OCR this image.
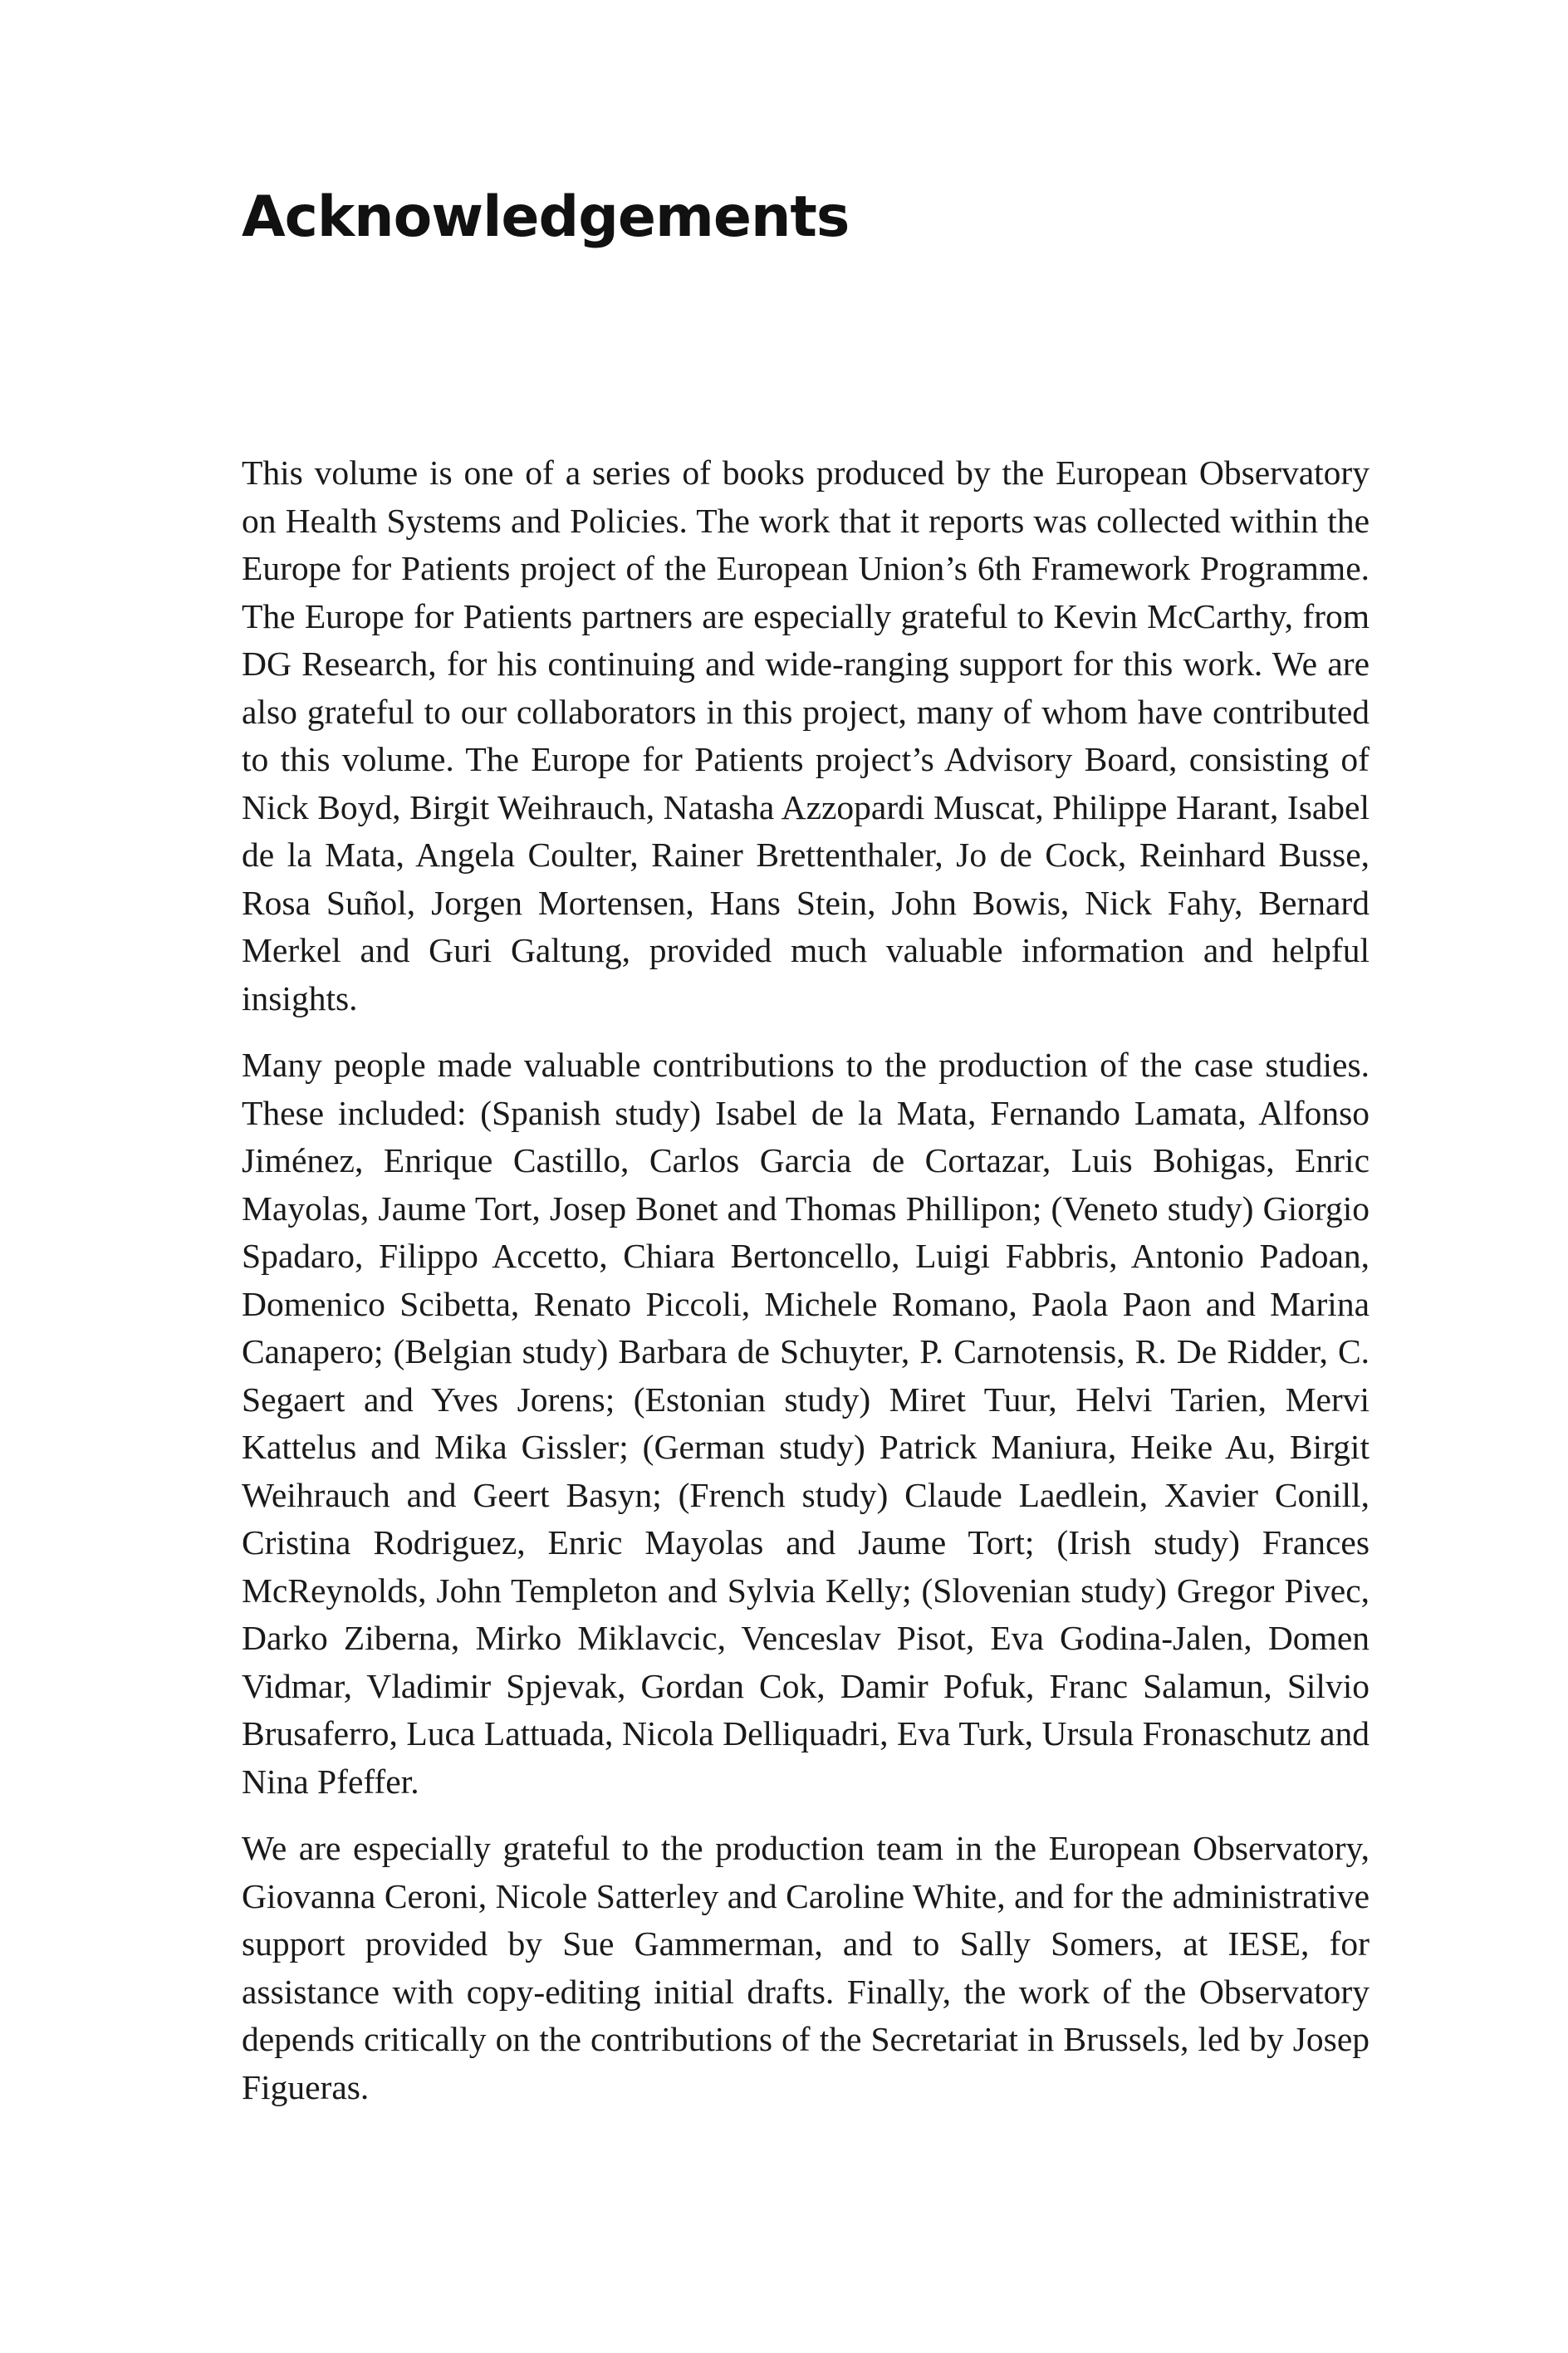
Acknowledgements

This volume is one of a series of books produced by the European Observatory on Health Systems and Policies. The work that it reports was collected within the Europe for Patients project of the European Union’s 6th Framework Programme. The Europe for Patients partners are especially grateful to Kevin McCarthy, from DG Research, for his continuing and wide-ranging support for this work. We are also grateful to our collaborators in this project, many of whom have contributed to this volume. The Europe for Patients project’s Advisory Board, consisting of Nick Boyd, Birgit Weihrauch, Natasha Azzopardi Muscat, Philippe Harant, Isabel de la Mata, Angela Coulter, Rainer Brettenthaler, Jo de Cock, Reinhard Busse, Rosa Suñol, Jorgen Mortensen, Hans Stein, John Bowis, Nick Fahy, Bernard Merkel and Guri Galtung, provided much valuable information and helpful insights.

Many people made valuable contributions to the production of the case studies. These included: (Spanish study) Isabel de la Mata, Fernando Lamata, Alfonso Jiménez, Enrique Castillo, Carlos Garcia de Cortazar, Luis Bohigas, Enric Mayolas, Jaume Tort, Josep Bonet and Thomas Phillipon; (Veneto study) Giorgio Spadaro, Filippo Accetto, Chiara Bertoncello, Luigi Fabbris, Antonio Padoan, Domenico Scibetta, Renato Piccoli, Michele Romano, Paola Paon and Marina Canapero; (Belgian study) Barbara de Schuyter, P. Carnotensis, R. De Ridder, C. Segaert and Yves Jorens; (Estonian study) Miret Tuur, Helvi Tarien, Mervi Kattelus and Mika Gissler; (German study) Patrick Maniura, Heike Au, Birgit Weihrauch and Geert Basyn; (French study) Claude Laedlein, Xavier Conill, Cristina Rodriguez, Enric Mayolas and Jaume Tort; (Irish study) Frances McReynolds, John Templeton and Sylvia Kelly; (Slovenian study) Gregor Pivec, Darko Ziberna, Mirko Miklavcic, Venceslav Pisot, Eva Godina-Jalen, Domen Vidmar, Vladimir Spjevak, Gordan Cok, Damir Pofuk, Franc Salamun, Silvio Brusaferro, Luca Lattuada, Nicola Delliquadri, Eva Turk, Ursula Fronaschutz and Nina Pfeffer.

We are especially grateful to the production team in the European Observatory, Giovanna Ceroni, Nicole Satterley and Caroline White, and for the administrative support provided by Sue Gammerman, and to Sally Somers, at IESE, for assistance with copy-editing initial drafts. Finally, the work of the Observatory depends critically on the contributions of the Secretariat in Brussels, led by Josep Figueras.
